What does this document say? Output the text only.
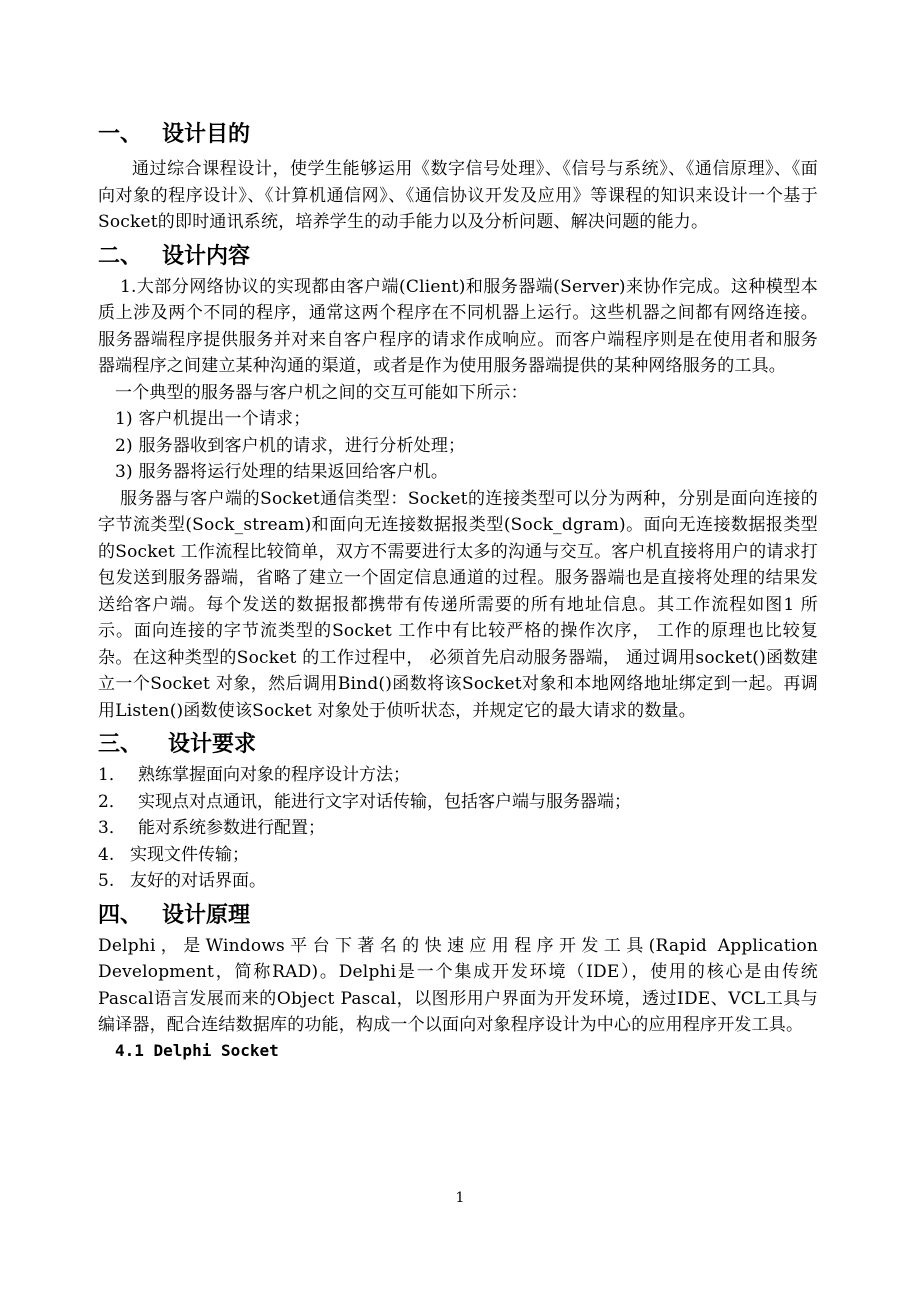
一、 设计目的

通过综合课程设计，使学生能够运用《数字信号处理》、《信号与系统》、《通信原理》、《面向对象的程序设计》、《计算机通信网》、《通信协议开发及应用》等课程的知识来设计一个基于Socket的即时通讯系统，培养学生的动手能力以及分析问题、解决问题的能力。

二、 设计内容

1.大部分网络协议的实现都由客户端(Client)和服务器端(Server)来协作完成。这种模型本质上涉及两个不同的程序，通常这两个程序在不同机器上运行。这些机器之间都有网络连接。服务器端程序提供服务并对来自客户程序的请求作成响应。而客户端程序则是在使用者和服务器端程序之间建立某种沟通的渠道，或者是作为使用服务器端提供的某种网络服务的工具。

一个典型的服务器与客户机之间的交互可能如下所示：

1) 客户机提出一个请求；

2) 服务器收到客户机的请求，进行分析处理；

3) 服务器将运行处理的结果返回给客户机。

服务器与客户端的Socket通信类型：Socket的连接类型可以分为两种，分别是面向连接的字节流类型(Sock_stream)和面向无连接数据报类型(Sock_dgram)。面向无连接数据报类型的Socket 工作流程比较简单，双方不需要进行太多的沟通与交互。客户机直接将用户的请求打包发送到服务器端，省略了建立一个固定信息通道的过程。服务器端也是直接将处理的结果发送给客户端。每个发送的数据报都携带有传递所需要的所有地址信息。其工作流程如图1 所示。面向连接的字节流类型的Socket 工作中有比较严格的操作次序， 工作的原理也比较复杂。在这种类型的Socket 的工作过程中， 必须首先启动服务器端， 通过调用socket()函数建立一个Socket 对象，然后调用Bind()函数将该Socket对象和本地网络地址绑定到一起。再调用Listen()函数使该Socket 对象处于侦听状态，并规定它的最大请求的数量。

三、 设计要求
1． 熟练掌握面向对象的程序设计方法；
2． 实现点对点通讯，能进行文字对话传输，包括客户端与服务器端；
3． 能对系统参数进行配置；
4. 实现文件传输；
5. 友好的对话界面。
四、 设计原理

Delphi，是Windows平台下著名的快速应用程序开发工具(Rapid Application Development，简称RAD)。Delphi是一个集成开发环境（IDE），使用的核心是由传统Pascal语言发展而来的Object Pascal，以图形用户界面为开发环境，透过IDE、VCL工具与编译器，配合连结数据库的功能，构成一个以面向对象程序设计为中心的应用程序开发工具。

4.1 Delphi Socket
1
